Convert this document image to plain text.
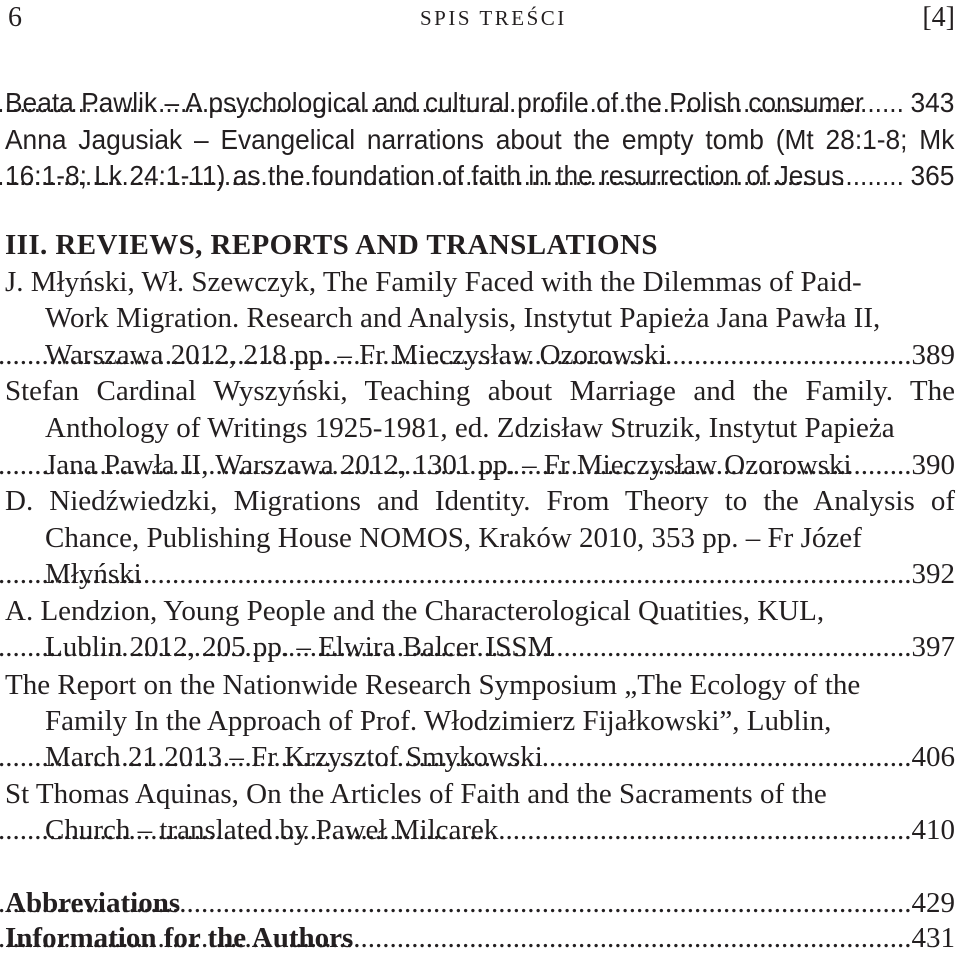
6	SPIS TREŚCI	[4]
Beata Pawlik – A psychological and cultural profile of the Polish consumer ..... 343
Anna Jagusiak – Evangelical narrations about the empty tomb (Mt 28:1-8; Mk
16:1-8; Lk 24:1-11) as the foundation of faith in the resurrection of Jesus ..... 365
III. REVIEWS, REPORTS AND TRANSLATIONS
J. Młyński, Wł. Szewczyk, The Family Faced with the Dilemmas of Paid-
Work Migration. Research and Analysis, Instytut Papieża Jana Pawła II,
Warszawa 2012, 218 pp. – Fr Mieczysław Ozorowski .....	389
Stefan Cardinal Wyszyński, Teaching about Marriage and the Family. The
Anthology of Writings 1925-1981, ed. Zdzisław Struzik, Instytut Papieża
Jana Pawła II, Warszawa 2012, 1301 pp. – Fr Mieczysław Ozorowski ..... 390
D. Niedźwiedzki, Migrations and Identity. From Theory to the Analysis of
Chance, Publishing House NOMOS, Kraków 2010, 353 pp. – Fr Józef
Młyński .....	392
A. Lendzion, Young People and the Characterological Quatities, KUL,
Lublin 2012, 205 pp. – Elwira Balcer ISSM .....	397
The Report on the Nationwide Research Symposium „The Ecology of the
Family In the Approach of Prof. Włodzimierz Fijałkowski”, Lublin,
March 21 2013 – Fr Krzysztof Smykowski .....	406
St Thomas Aquinas, On the Articles of Faith and the Sacraments of the
Church – translated by Paweł Milcarek .....	410
Abbreviations .....	429
Information for the Authors .....	431
